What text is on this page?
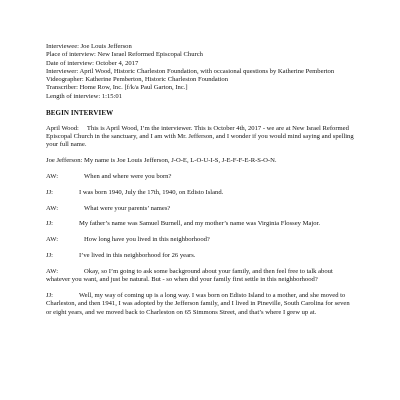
Interviewee: Joe Louis Jefferson
Place of interview: New Israel Reformed Episcopal Church
Date of interview: October 4, 2017
Interviewer: April Wood, Historic Charleston Foundation, with occasional questions by Katherine Pemberton
Videographer: Katherine Pemberton, Historic Charleston Foundation
Transcriber: Home Row, Inc. [f/k/a Paul Garton, Inc.]
Length of interview: 1:15:01
BEGIN INTERVIEW
April Wood: This is April Wood, I’m the interviewer. This is October 4th, 2017 - we are at New Israel Reformed Episcopal Church in the sanctuary, and I am with Mr. Jefferson, and I wonder if you would mind saying and spelling your full name.
Joe Jefferson: My name is Joe Louis Jefferson, J-O-E, L-O-U-I-S, J-E-F-F-E-R-S-O-N.
AW:	When and where were you born?
JJ:	I was born 1940, July the 17th, 1940, on Edisto Island.
AW:	What were your parents’ names?
JJ:	My father’s name was Samuel Burnell, and my mother’s name was Virginia Flossey Major.
AW:	How long have you lived in this neighborhood?
JJ:	I’ve lived in this neighborhood for 26 years.
AW:	Okay, so I’m going to ask some background about your family, and then feel free to talk about whatever you want, and just be natural. But - so when did your family first settle in this neighborhood?
JJ:	Well, my way of coming up is a long way. I was born on Edisto Island to a mother, and she moved to Charleston, and then 1941, I was adopted by the Jefferson family, and I lived in Pineville, South Carolina for seven or eight years, and we moved back to Charleston on 65 Simmons Street, and that’s where I grew up at.
